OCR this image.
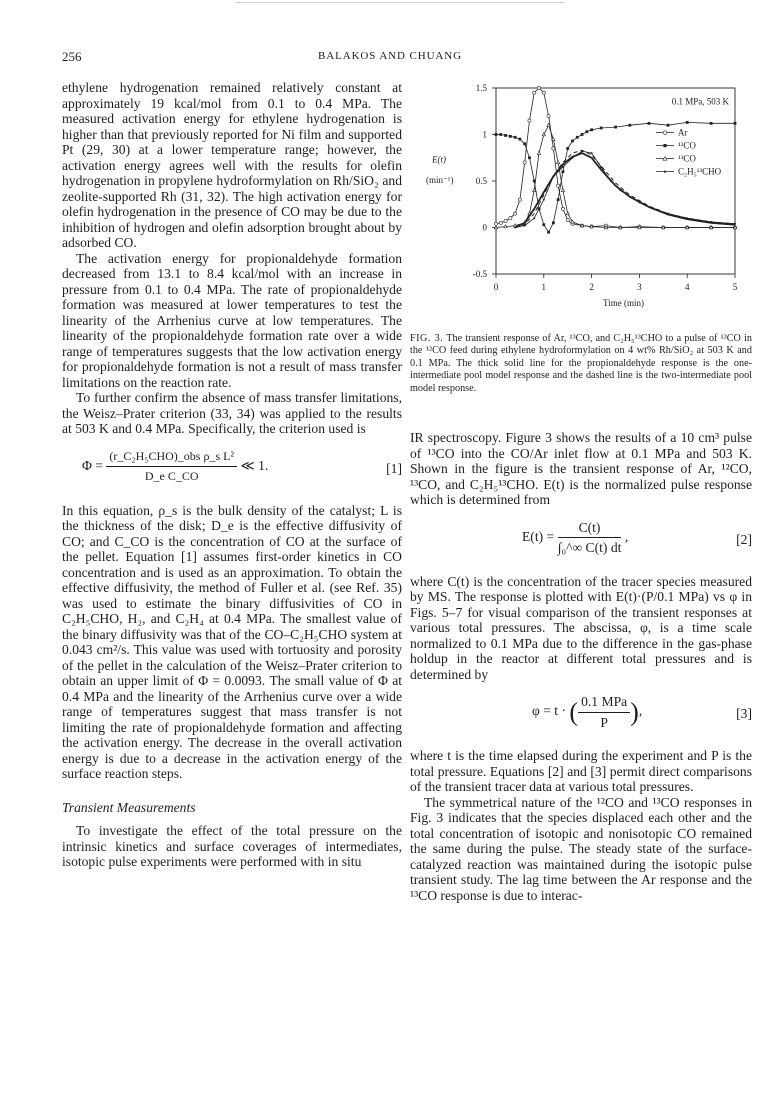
256	BALAKOS AND CHUANG

ethylene hydrogenation remained relatively constant at approximately 19 kcal/mol from 0.1 to 0.4 MPa. The measured activation energy for ethylene hydrogenation is higher than that previously reported for Ni film and supported Pt (29, 30) at a lower temperature range; however, the activation energy agrees well with the results for olefin hydrogenation in propylene hydroformylation on Rh/SiO₂ and zeolite-supported Rh (31, 32). The high activation energy for olefin hydrogenation in the presence of CO may be due to the inhibition of hydrogen and olefin adsorption brought about by adsorbed CO.

The activation energy for propionaldehyde formation decreased from 13.1 to 8.4 kcal/mol with an increase in pressure from 0.1 to 0.4 MPa. The rate of propionaldehyde formation was measured at lower temperatures to test the linearity of the Arrhenius curve at low temperatures. The linearity of the propionaldehyde formation rate over a wide range of temperatures suggests that the low activation energy for propionaldehyde formation is not a result of mass transfer limitations on the reaction rate.

To further confirm the absence of mass transfer limitations, the Weisz–Prater criterion (33, 34) was applied to the results at 503 K and 0.4 MPa. Specifically, the criterion used is

$\Phi = \frac{\text{(r\_C₂H₅CHO)\_obs ρ\_s L²}}{\text{D\_e C\_CO}}$ ≪ 1.	[1]

In this equation, ρ_s is the bulk density of the catalyst; L is the thickness of the disk; D_e is the effective diffusivity of CO; and C_CO is the concentration of CO at the surface of the pellet. Equation [1] assumes first-order kinetics in CO concentration and is used as an approximation. To obtain the effective diffusivity, the method of Fuller et al. (see Ref. 35) was used to estimate the binary diffusivities of CO in C₂H₅CHO, H₂, and C₂H₄ at 0.4 MPa. The smallest value of the binary diffusivity was that of the CO–C₂H₅CHO system at 0.043 cm²/s. This value was used with tortuosity and porosity of the pellet in the calculation of the Weisz–Prater criterion to obtain an upper limit of Φ = 0.0093. The small value of Φ at 0.4 MPa and the linearity of the Arrhenius curve over a wide range of temperatures suggest that mass transfer is not limiting the rate of propionaldehyde formation and affecting the activation energy. The decrease in the overall activation energy is due to a decrease in the activation energy of the surface reaction steps.

Transient Measurements

To investigate the effect of the total pressure on the intrinsic kinetics and surface coverages of intermediates, isotopic pulse experiments were performed with in situ

0	1	2	3	4	5
1.5
1
0.5
0
-0.5
Time (min)
E(t)
(min⁻¹)
0.1 MPa, 503 K
Ar
¹²CO
¹³CO
C₂H₅¹³CHO
FIG. 3. The transient response of Ar, ¹³CO, and C₂H₅¹³CHO to a pulse of ¹³CO in the ¹²CO feed during ethylene hydroformylation on 4 wt% Rh/SiO₂ at 503 K and 0.1 MPa. The thick solid line for the propionaldehyde response is the one-intermediate pool model response and the dashed line is the two-intermediate pool model response.

IR spectroscopy. Figure 3 shows the results of a 10 cm³ pulse of ¹³CO into the CO/Ar inlet flow at 0.1 MPa and 503 K. Shown in the figure is the transient response of Ar, ¹²CO, ¹³CO, and C₂H₅¹³CHO. E(t) is the normalized pulse response which is determined from

$E(t) = \frac{C(t)}{\text{∫₀\textasciicircum{}∞ C(t) dt}}$ ,	[2]

where C(t) is the concentration of the tracer species measured by MS. The response is plotted with E(t)·(P/0.1 MPa) vs φ in Figs. 5–7 for visual comparison of the transient responses at various total pressures. The abscissa, φ, is a time scale normalized to 0.1 MPa due to the difference in the gas-phase holdup in the reactor at different total pressures and is determined by

φ = t · ( $\frac{\text{0.1 MPa}}{P}$ ),	[3]

where t is the time elapsed during the experiment and P is the total pressure. Equations [2] and [3] permit direct comparisons of the transient tracer data at various total pressures.

The symmetrical nature of the ¹²CO and ¹³CO responses in Fig. 3 indicates that the species displaced each other and the total concentration of isotopic and nonisotopic CO remained the same during the pulse. The steady state of the surface-catalyzed reaction was maintained during the isotopic pulse transient study. The lag time between the Ar response and the ¹³CO response is due to interac-
